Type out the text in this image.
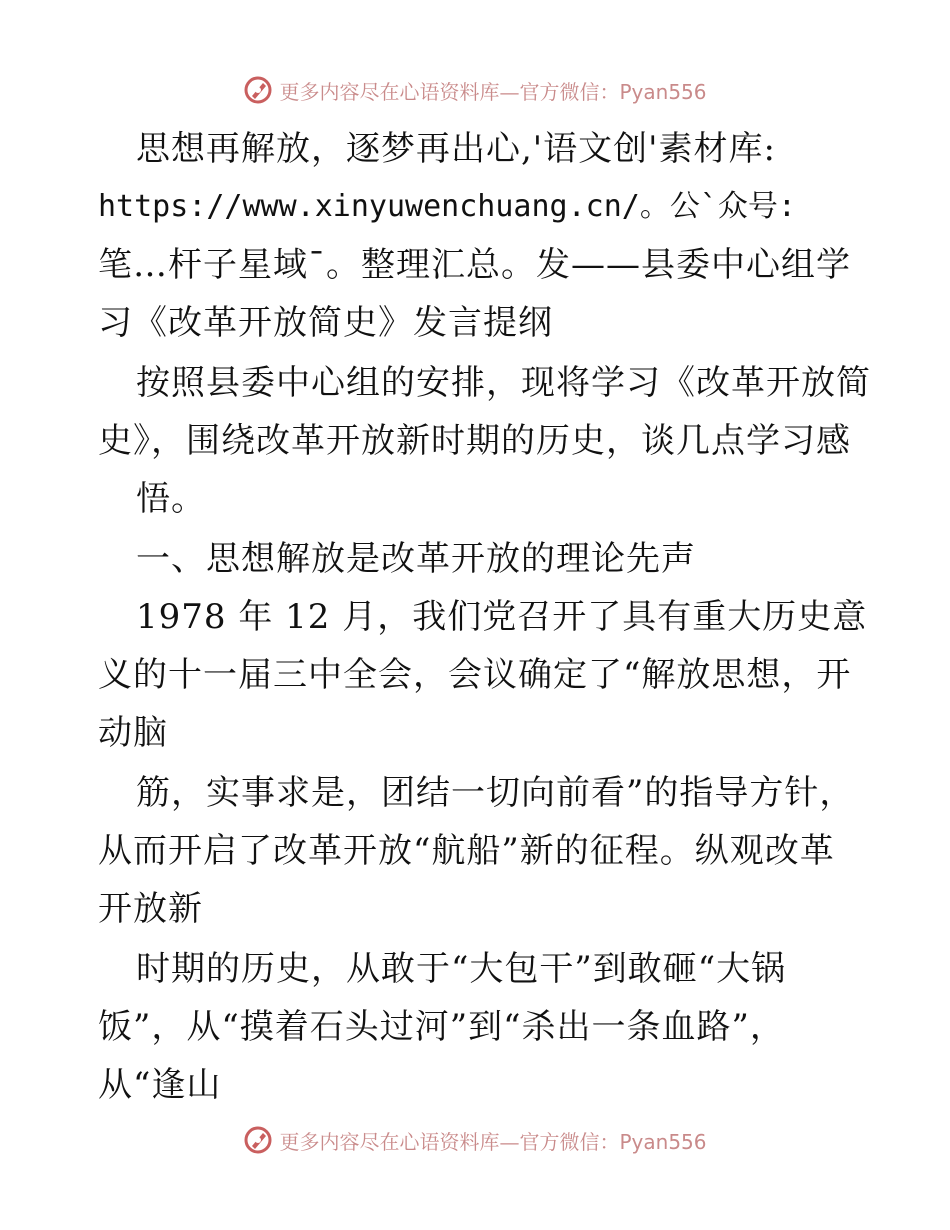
更多内容尽在心语资料库—官方微信：Pyan556
思想再解放，逐梦再出心,'语文创'素材库:
https://www.xinyuwenchuang.cn/。公`众号:
笔…杆子星域¯。整理汇总。发——县委中心组学
习《改革开放简史》发言提纲
按照县委中心组的安排，现将学习《改革开放简
史》，围绕改革开放新时期的历史，谈几点学习感
悟。
一、思想解放是改革开放的理论先声
1978 年 12 月，我们党召开了具有重大历史意
义的十一届三中全会，会议确定了“解放思想，开
动脑
筋，实事求是，团结一切向前看”的指导方针，
从而开启了改革开放“航船”新的征程。纵观改革
开放新
时期的历史，从敢于“大包干”到敢砸“大锅
饭”，从“摸着石头过河”到“杀出一条血路”，
从“逢山
更多内容尽在心语资料库—官方微信：Pyan556
